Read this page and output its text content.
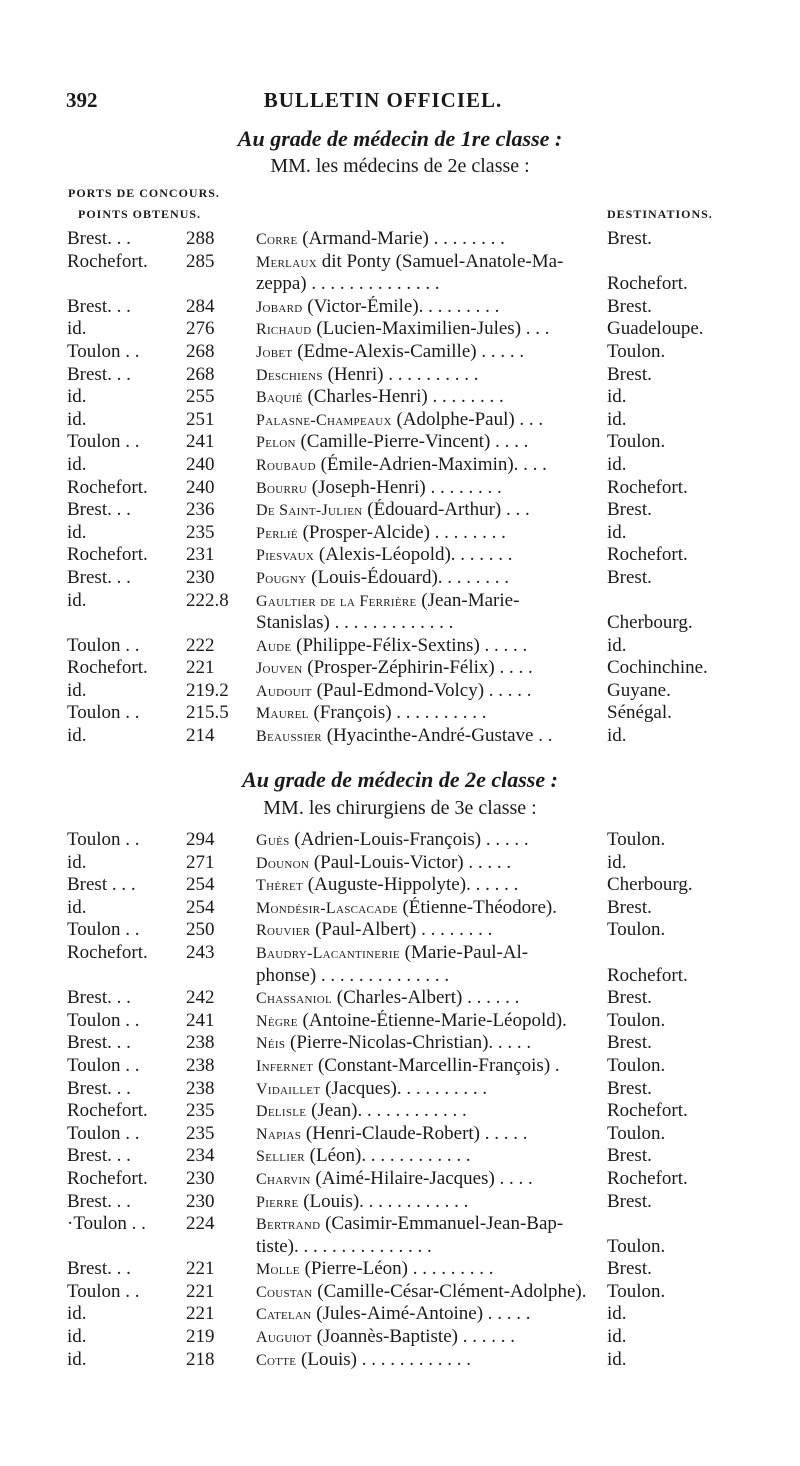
392	BULLETIN OFFICIEL.
Au grade de médecin de 1re classe :
MM. les médecins de 2e classe :
PORTS DE CONCOURS.
POINTS OBTENUS.	DESTINATIONS.
Brest. . .	288	Corre (Armand-Marie) . . . . . . . .	Brest.
Rochefort.	285	Merlaux dit Ponty (Samuel-Anatole-Ma-
zeppa) . . . . . . . . . . . . . .	Rochefort.
Brest. . .	284	Jobard (Victor-Émile). . . . . . . . .	Brest.
id.	276	Richaud (Lucien-Maximilien-Jules) . . .	Guadeloupe.
Toulon . .	268	Jobet (Edme-Alexis-Camille) . . . . .	Toulon.
Brest. . .	268	Deschiens (Henri) . . . . . . . . . .	Brest.
id.	255	Baquié (Charles-Henri) . . . . . . . .	id.
id.	251	Palasne-Champeaux (Adolphe-Paul) . . .	id.
Toulon . .	241	Pelon (Camille-Pierre-Vincent) . . . .	Toulon.
id.	240	Roubaud (Émile-Adrien-Maximin). . . .	id.
Rochefort.	240	Bourru (Joseph-Henri) . . . . . . . .	Rochefort.
Brest. . .	236	De Saint-Julien (Édouard-Arthur) . . .	Brest.
id.	235	Perlié (Prosper-Alcide) . . . . . . . .	id.
Rochefort.	231	Piesvaux (Alexis-Léopold). . . . . . .	Rochefort.
Brest. . .	230	Pougny (Louis-Édouard). . . . . . . .	Brest.
id.	222.8	Gaultier de la Ferrière (Jean-Marie-
Stanislas) . . . . . . . . . . . . .	Cherbourg.
Toulon . .	222	Aude (Philippe-Félix-Sextins) . . . . .	id.
Rochefort.	221	Jouven (Prosper-Zéphirin-Félix) . . . .	Cochinchine.
id.	219.2	Audouit (Paul-Edmond-Volcy) . . . . .	Guyane.
Toulon . .	215.5	Maurel (François) . . . . . . . . . .	Sénégal.
id.	214	Beaussier (Hyacinthe-André-Gustave . .	id.
Au grade de médecin de 2e classe :
MM. les chirurgiens de 3e classe :
Toulon . .	294	Guès (Adrien-Louis-François) . . . . .	Toulon.
id.	271	Dounon (Paul-Louis-Victor) . . . . .	id.
Brest . . .	254	Théret (Auguste-Hippolyte). . . . . .	Cherbourg.
id.	254	Mondésir-Lascacade (Étienne-Théodore).	Brest.
Toulon . .	250	Rouvier (Paul-Albert) . . . . . . . .	Toulon.
Rochefort.	243	Baudry-Lacantinerie (Marie-Paul-Al-
phonse) . . . . . . . . . . . . . .	Rochefort.
Brest. . .	242	Chassaniol (Charles-Albert) . . . . . .	Brest.
Toulon . .	241	Nègre (Antoine-Étienne-Marie-Léopold).	Toulon.
Brest. . .	238	Néis (Pierre-Nicolas-Christian). . . . .	Brest.
Toulon . .	238	Infernet (Constant-Marcellin-François) .	Toulon.
Brest. . .	238	Vidaillet (Jacques). . . . . . . . . .	Brest.
Rochefort.	235	Delisle (Jean). . . . . . . . . . . .	Rochefort.
Toulon . .	235	Napias (Henri-Claude-Robert) . . . . .	Toulon.
Brest. . .	234	Sellier (Léon). . . . . . . . . . . .	Brest.
Rochefort.	230	Charvin (Aimé-Hilaire-Jacques) . . . .	Rochefort.
Brest. . .	230	Pierre (Louis). . . . . . . . . . . .	Brest.
·Toulon . .	224	Bertrand (Casimir-Emmanuel-Jean-Bap-
tiste). . . . . . . . . . . . . . .	Toulon.
Brest. . .	221	Molle (Pierre-Léon) . . . . . . . . .	Brest.
Toulon . .	221	Coustan (Camille-César-Clément-Adolphe).	Toulon.
id.	221	Catelan (Jules-Aimé-Antoine) . . . . .	id.
id.	219	Auguiot (Joannès-Baptiste) . . . . . .	id.
id.	218	Cotte (Louis) . . . . . . . . . . . .	id.
